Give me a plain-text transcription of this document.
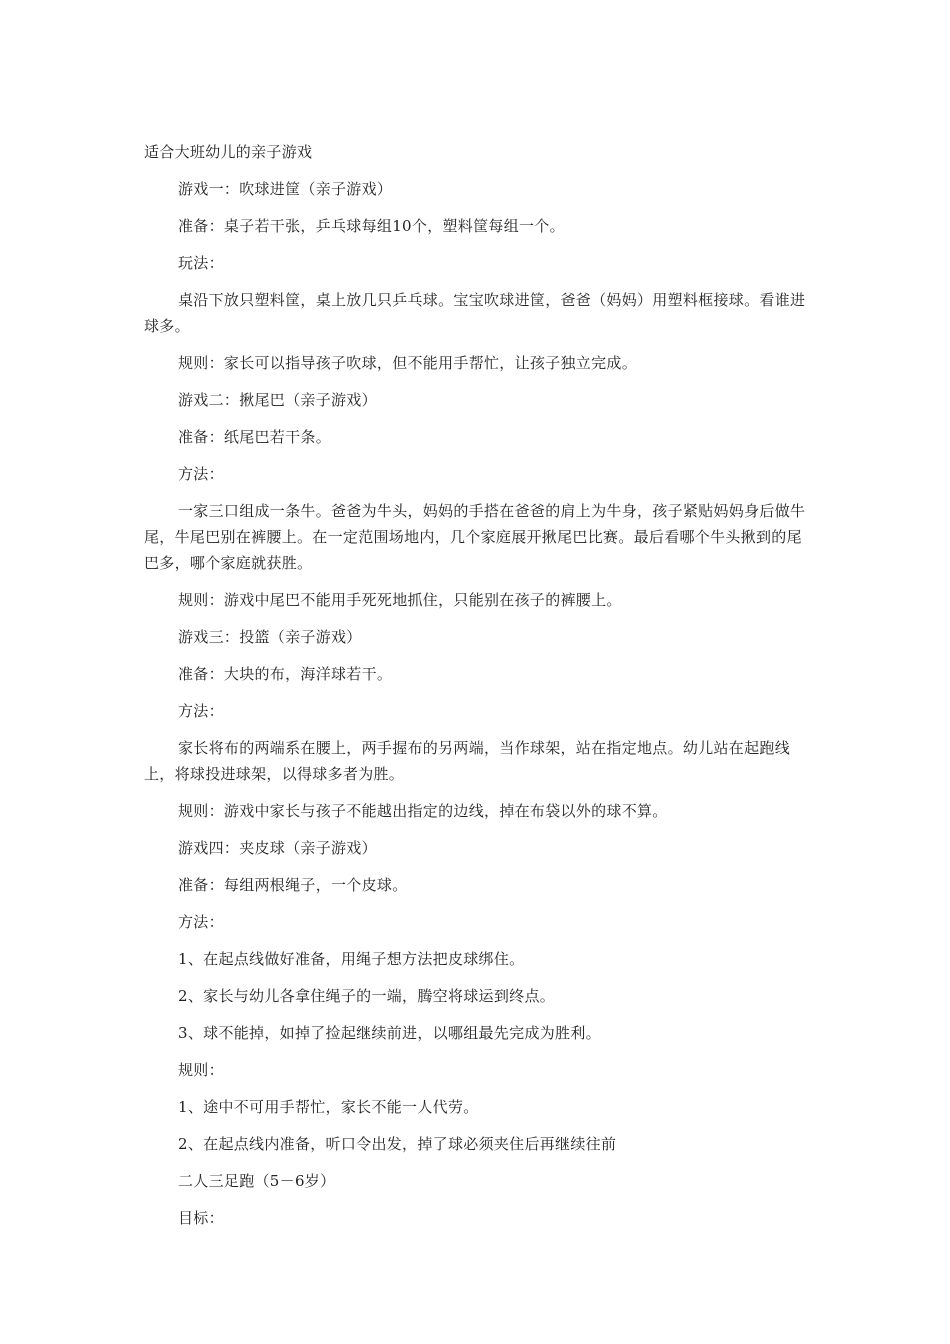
适合大班幼儿的亲子游戏

游戏一：吹球进筐（亲子游戏）

准备：桌子若干张，乒乓球每组10个，塑料筐每组一个。

玩法：

桌沿下放只塑料筐，桌上放几只乒乓球。宝宝吹球进筐，爸爸（妈妈）用塑料框接球。看谁进球多。

规则：家长可以指导孩子吹球，但不能用手帮忙，让孩子独立完成。

游戏二：揪尾巴（亲子游戏）

准备：纸尾巴若干条。

方法：

一家三口组成一条牛。爸爸为牛头，妈妈的手搭在爸爸的肩上为牛身，孩子紧贴妈妈身后做牛尾，牛尾巴别在裤腰上。在一定范围场地内，几个家庭展开揪尾巴比赛。最后看哪个牛头揪到的尾巴多，哪个家庭就获胜。

规则：游戏中尾巴不能用手死死地抓住，只能别在孩子的裤腰上。

游戏三：投篮（亲子游戏）

准备：大块的布，海洋球若干。

方法：

家长将布的两端系在腰上，两手握布的另两端，当作球架，站在指定地点。幼儿站在起跑线上，将球投进球架，以得球多者为胜。

规则：游戏中家长与孩子不能越出指定的边线，掉在布袋以外的球不算。

游戏四：夹皮球（亲子游戏）

准备：每组两根绳子，一个皮球。

方法：

1、在起点线做好准备，用绳子想方法把皮球绑住。

2、家长与幼儿各拿住绳子的一端，腾空将球运到终点。

3、球不能掉，如掉了捡起继续前进，以哪组最先完成为胜利。

规则：

1、途中不可用手帮忙，家长不能一人代劳。

2、在起点线内准备，听口令出发，掉了球必须夹住后再继续往前

二人三足跑（5－6岁）

目标：
